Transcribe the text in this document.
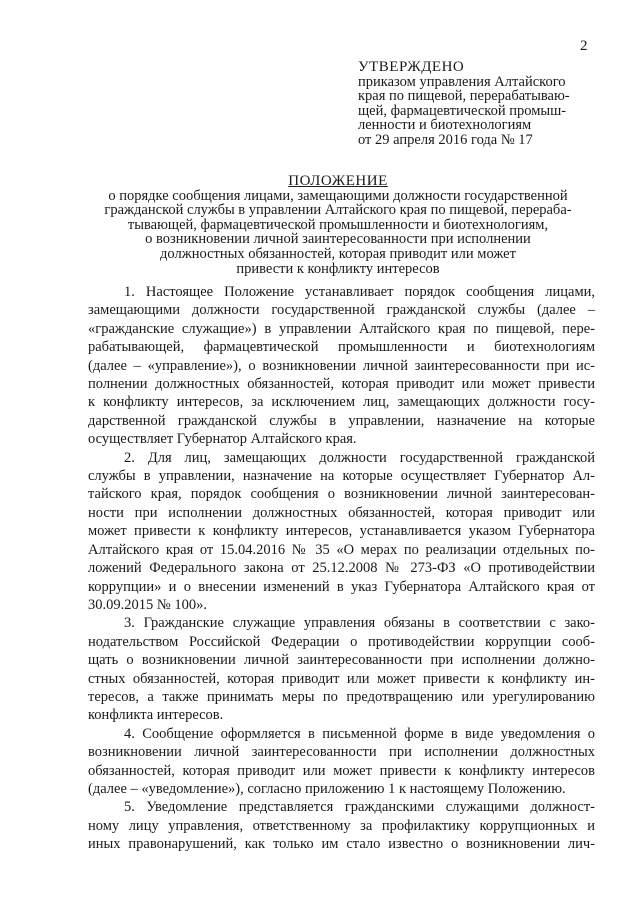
2
УТВЕРЖДЕНО
приказом управления Алтайского
края по пищевой, перерабатываю-
щей, фармацевтической промыш-
ленности и биотехнологиям
от 29 апреля 2016 года № 17
ПОЛОЖЕНИЕ
о порядке сообщения лицами, замещающими должности государственной
гражданской службы в управлении Алтайского края по пищевой, перераба-
тывающей, фармацевтической промышленности и биотехнологиям,
о возникновении личной заинтересованности при исполнении
должностных обязанностей, которая приводит или может
привести к конфликту интересов

1. Настоящее Положение устанавливает порядок сообщения лицами,
замещающими должности государственной гражданской службы (далее –
«гражданские служащие») в управлении Алтайского края по пищевой, пере-
рабатывающей, фармацевтической промышленности и биотехнологиям
(далее – «управление»), о возникновении личной заинтересованности при ис-
полнении должностных обязанностей, которая приводит или может привести
к конфликту интересов, за исключением лиц, замещающих должности госу-
дарственной гражданской службы в управлении, назначение на которые
осуществляет Губернатор Алтайского края.

2. Для лиц, замещающих должности государственной гражданской
службы в управлении, назначение на которые осуществляет Губернатор Ал-
тайского края, порядок сообщения о возникновении личной заинтересован-
ности при исполнении должностных обязанностей, которая приводит или
может привести к конфликту интересов, устанавливается указом Губернатора
Алтайского края от 15.04.2016 № 35 «О мерах по реализации отдельных по-
ложений Федерального закона от 25.12.2008 № 273-ФЗ «О противодействии
коррупции» и о внесении изменений в указ Губернатора Алтайского края от
30.09.2015 № 100».

3. Гражданские служащие управления обязаны в соответствии с зако-
нодательством Российской Федерации о противодействии коррупции сооб-
щать о возникновении личной заинтересованности при исполнении должно-
стных обязанностей, которая приводит или может привести к конфликту ин-
тересов, а также принимать меры по предотвращению или урегулированию
конфликта интересов.

4. Сообщение оформляется в письменной форме в виде уведомления о
возникновении личной заинтересованности при исполнении должностных
обязанностей, которая приводит или может привести к конфликту интересов
(далее – «уведомление»), согласно приложению 1 к настоящему Положению.

5. Уведомление представляется гражданскими служащими должност-
ному лицу управления, ответственному за профилактику коррупционных и
иных правонарушений, как только им стало известно о возникновении лич-
